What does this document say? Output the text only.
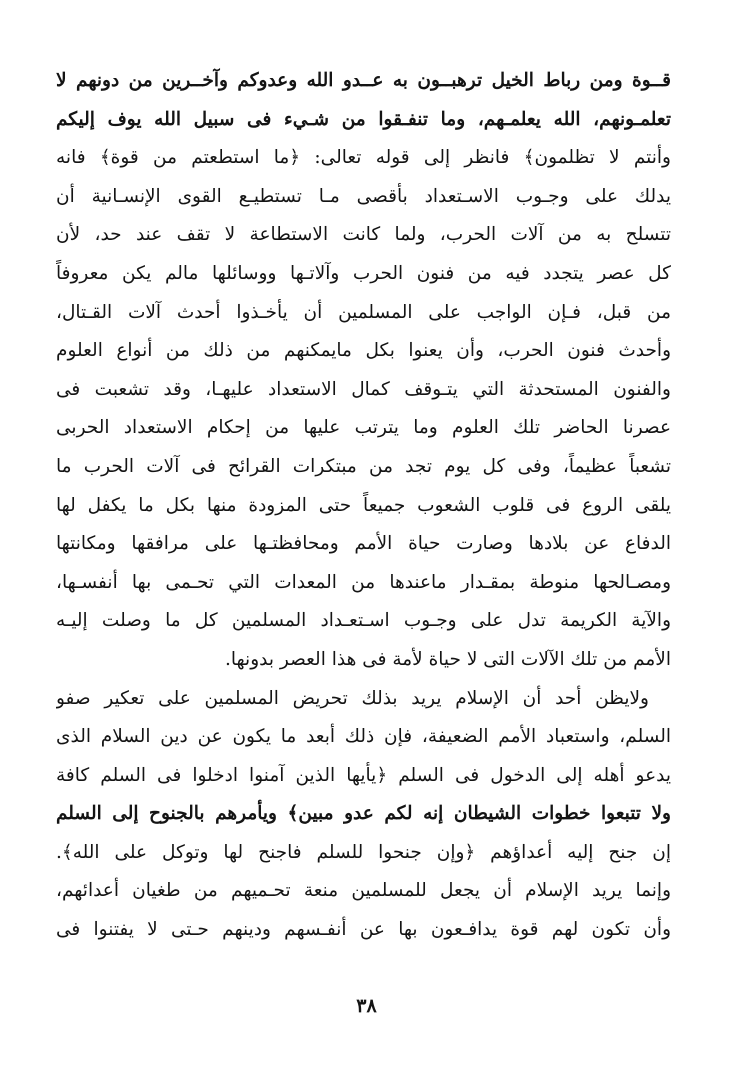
قــوة ومن رباط الخيل ترهبــون به عــدو الله وعدوكم وآخــرين من دونهم لا
تعلمـونهم، الله يعلمـهم، وما تنفـقوا من شـيء فى سبيل الله يوف إليكم
وأنتم لا تظلمون﴾ فانظر إلى قوله تعالى: ﴿ما استطعتم من قوة﴾ فانه
يدلك على وجـوب الاسـتعداد بأقصى مـا تستطيـع القوى الإنسـانية أن
تتسلح به من آلات الحرب، ولما كانت الاستطاعة لا تقف عند حد، لأن
كل عصر يتجدد فيه من فنون الحرب وآلاتـها ووسائلها مالم يكن معروفاً
من قبل، فـإن الواجب على المسلمين أن يأخـذوا أحدث آلات القـتال،
وأحدث فنون الحرب، وأن يعنوا بكل مايمكنهم من ذلك من أنواع العلوم
والفنون المستحدثة التي يتـوقف كمال الاستعداد عليهـا، وقد تشعبت فى
عصرنا الحاضر تلك العلوم وما يترتب عليها من إحكام الاستعداد الحربى
تشعباً عظيماً، وفى كل يوم تجد من مبتكرات القرائح فى آلات الحرب ما
يلقى الروع فى قلوب الشعوب جميعاً حتى المزودة منها بكل ما يكفل لها
الدفاع عن بلادها وصارت حياة الأمم ومحافظتـها على مرافقها ومكانتها
ومصـالحها منوطة بمقـدار ماعندها من المعدات التي تحـمى بها أنفسـها،
والآية الكريمة تدل على وجـوب اسـتعـداد المسلمين كل ما وصلت إليـه
الأمم من تلك الآلات التى لا حياة لأمة فى هذا العصر بدونها.
ولايظن أحد أن الإسلام يريد بذلك تحريض المسلمين على تعكير صفو
السلم، واستعباد الأمم الضعيفة، فإن ذلك أبعد ما يكون عن دين السلام الذى
يدعو أهله إلى الدخول فى السلم ﴿يأيها الذين آمنوا ادخلوا فى السلم كافة
ولا تتبعوا خطوات الشيطان إنه لكم عدو مبين﴾ ويأمرهم بالجنوح إلى السلم
إن جنح إليه أعداؤهم ﴿وإن جنحوا للسلم فاجنح لها وتوكل على الله﴾.
وإنما يريد الإسلام أن يجعل للمسلمين منعة تحـميهم من طغيان أعدائهم،
وأن تكون لهم قوة يدافـعون بها عن أنفـسهم ودينهم حـتى لا يفتنوا فى
٣٨
